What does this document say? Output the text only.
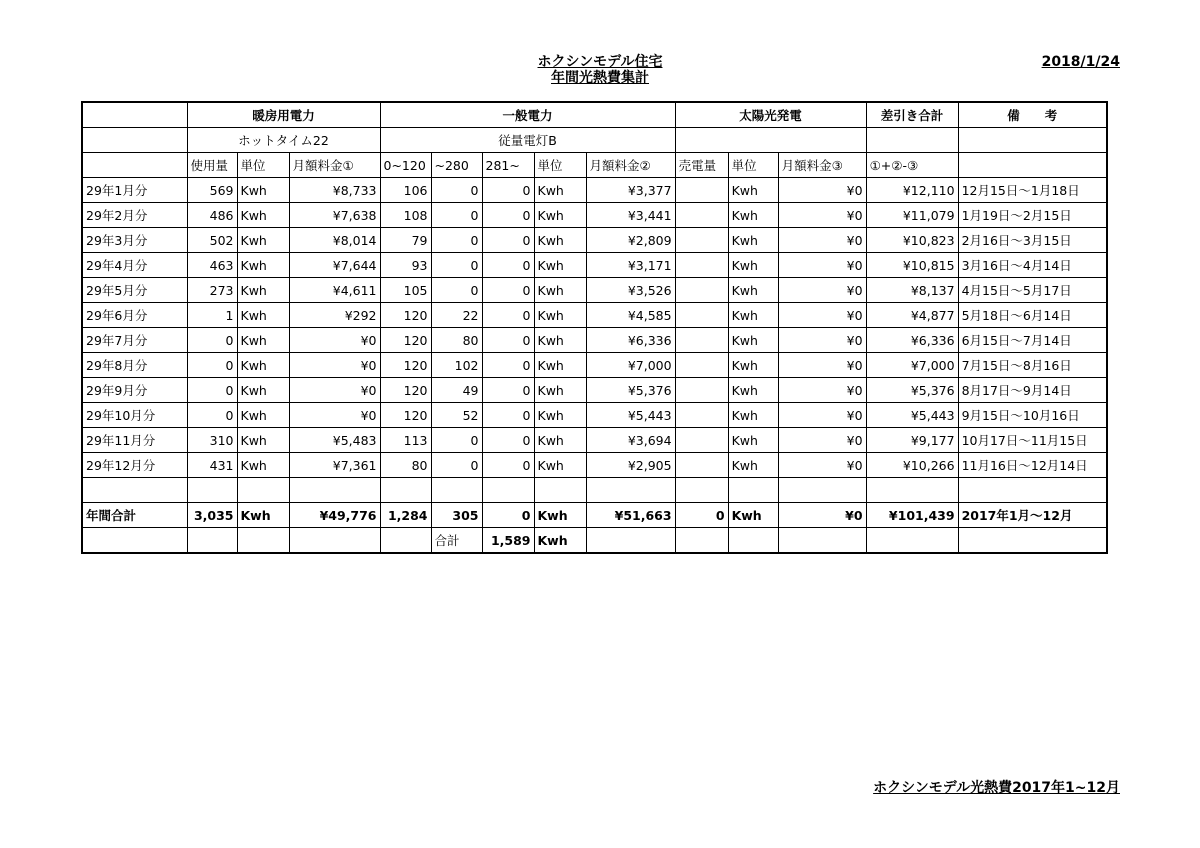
ホクシンモデル住宅
年間光熱費集計
2018/1/24
	暖房用電力			一般電力					太陽光発電			差引き合計	備　　考
	ホットタイム22			従量電灯B									
	使用量	単位	月額料金①	0~120	~280	281~	単位	月額料金②	売電量	単位	月額料金③	①+②-③	
29年1月分	569	Kwh	¥8,733	106	0	0	Kwh	¥3,377		Kwh	¥0	¥12,110	12月15日～1月18日
29年2月分	486	Kwh	¥7,638	108	0	0	Kwh	¥3,441		Kwh	¥0	¥11,079	1月19日～2月15日
29年3月分	502	Kwh	¥8,014	79	0	0	Kwh	¥2,809		Kwh	¥0	¥10,823	2月16日～3月15日
29年4月分	463	Kwh	¥7,644	93	0	0	Kwh	¥3,171		Kwh	¥0	¥10,815	3月16日～4月14日
29年5月分	273	Kwh	¥4,611	105	0	0	Kwh	¥3,526		Kwh	¥0	¥8,137	4月15日～5月17日
29年6月分	1	Kwh	¥292	120	22	0	Kwh	¥4,585		Kwh	¥0	¥4,877	5月18日～6月14日
29年7月分	0	Kwh	¥0	120	80	0	Kwh	¥6,336		Kwh	¥0	¥6,336	6月15日～7月14日
29年8月分	0	Kwh	¥0	120	102	0	Kwh	¥7,000		Kwh	¥0	¥7,000	7月15日～8月16日
29年9月分	0	Kwh	¥0	120	49	0	Kwh	¥5,376		Kwh	¥0	¥5,376	8月17日～9月14日
29年10月分	0	Kwh	¥0	120	52	0	Kwh	¥5,443		Kwh	¥0	¥5,443	9月15日～10月16日
29年11月分	310	Kwh	¥5,483	113	0	0	Kwh	¥3,694		Kwh	¥0	¥9,177	10月17日～11月15日
29年12月分	431	Kwh	¥7,361	80	0	0	Kwh	¥2,905		Kwh	¥0	¥10,266	11月16日～12月14日

年間合計	3,035	Kwh	¥49,776	1,284	305	0	Kwh	¥51,663	0	Kwh	¥0	¥101,439	2017年1月～12月
					合計	1,589	Kwh						
ホクシンモデル光熱費2017年1~12月
